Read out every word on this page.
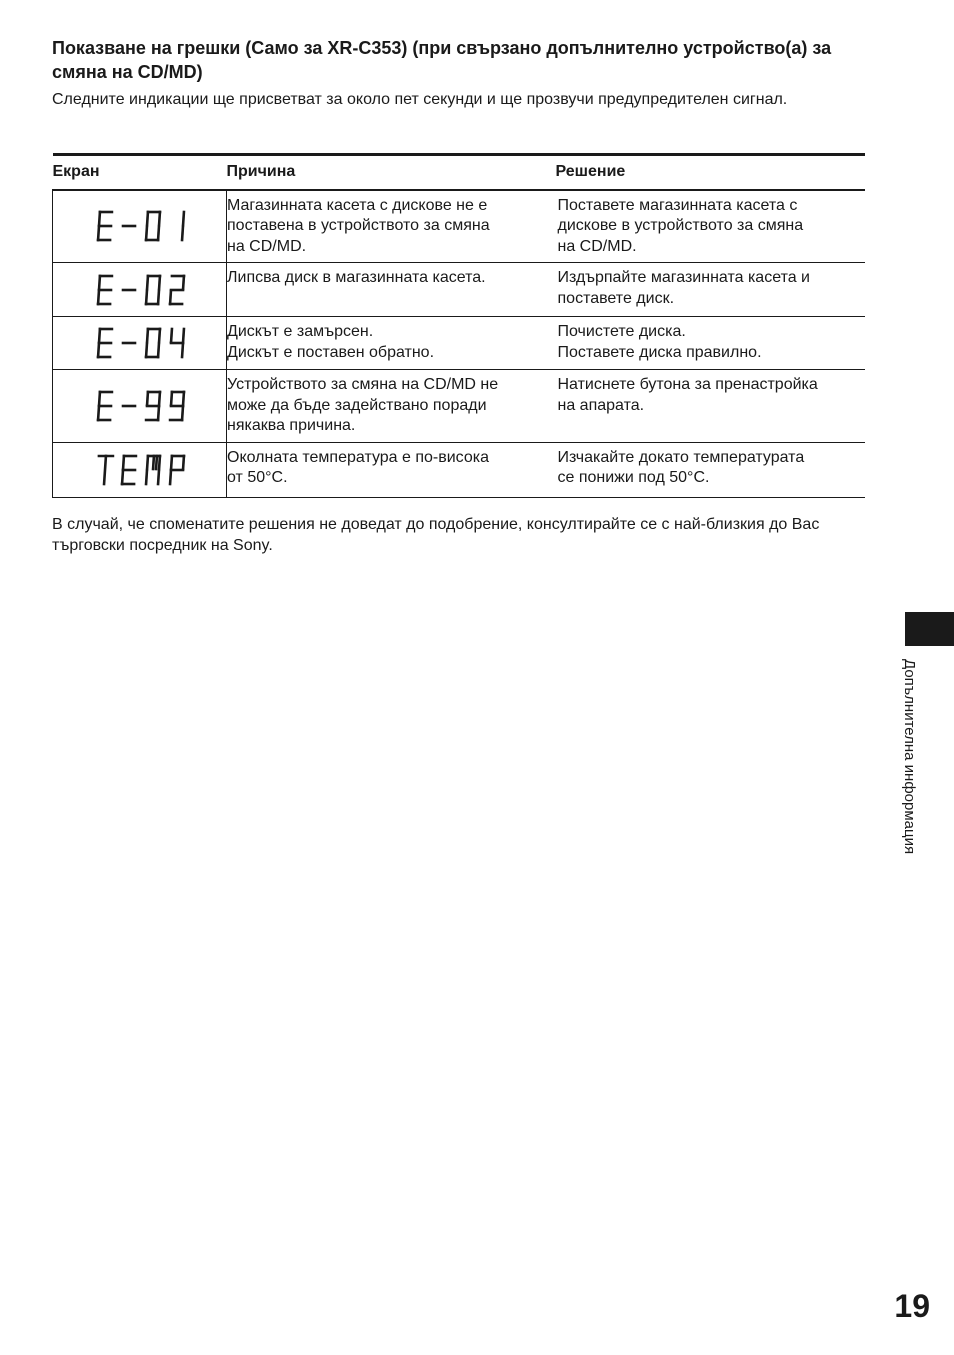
Показване на грешки (Само за XR-C353) (при свързано допълнително устройство(а) за смяна на CD/MD)

Следните индикации ще присветват за около пет секунди и ще прозвучи предупредителен сигнал.

Екран	Причина	Решение

Магазинната касета с дискове не е
поставена в устройството за смяна
на CD/MD.	Поставете магазинната касета с
дискове в устройството за смяна
на CD/MD.

Липсва диск в магазинната касета.	Издърпайте магазинната касета и
поставете диск.

Дискът е замърсен.
Дискът е поставен обратно.	Почистете диска.
Поставете диска правилно.

Устройството за смяна на CD/MD не
може да бъде задействано поради
някаква причина.	Натиснете бутона за пренастройка
на апарата.

Околната температура е по-висока
от 50°C.	Изчакайте докато температурата
се понижи под 50°C.

В случай, че споменатите решения не доведат до подобрение, консултирайте се с най-близкия до Вас търговски посредник на Sony.

Допълнителна информация
19
